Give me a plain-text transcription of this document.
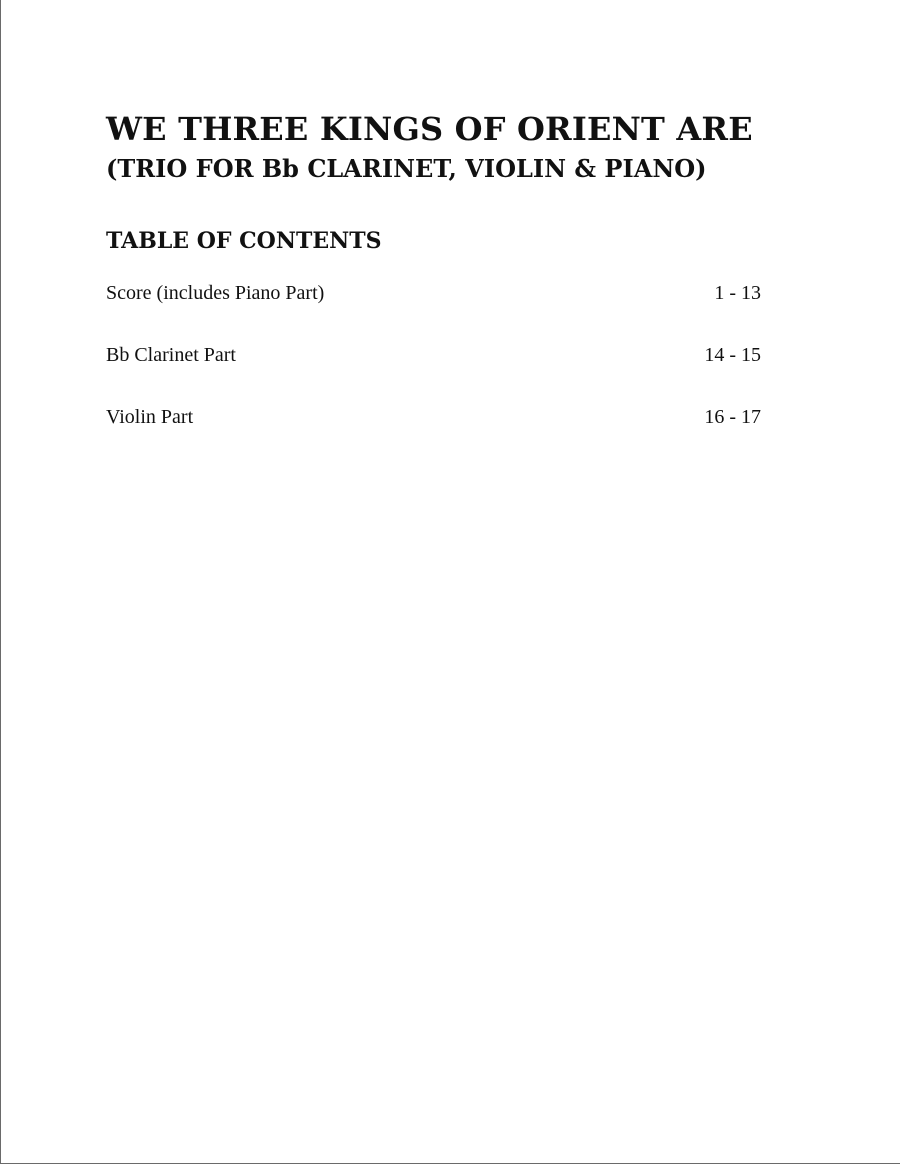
WE THREE KINGS OF ORIENT ARE
(TRIO FOR Bb CLARINET, VIOLIN & PIANO)
TABLE OF CONTENTS
Score (includes Piano Part)	1 - 13
Bb Clarinet Part	14 - 15
Violin Part	16 - 17
